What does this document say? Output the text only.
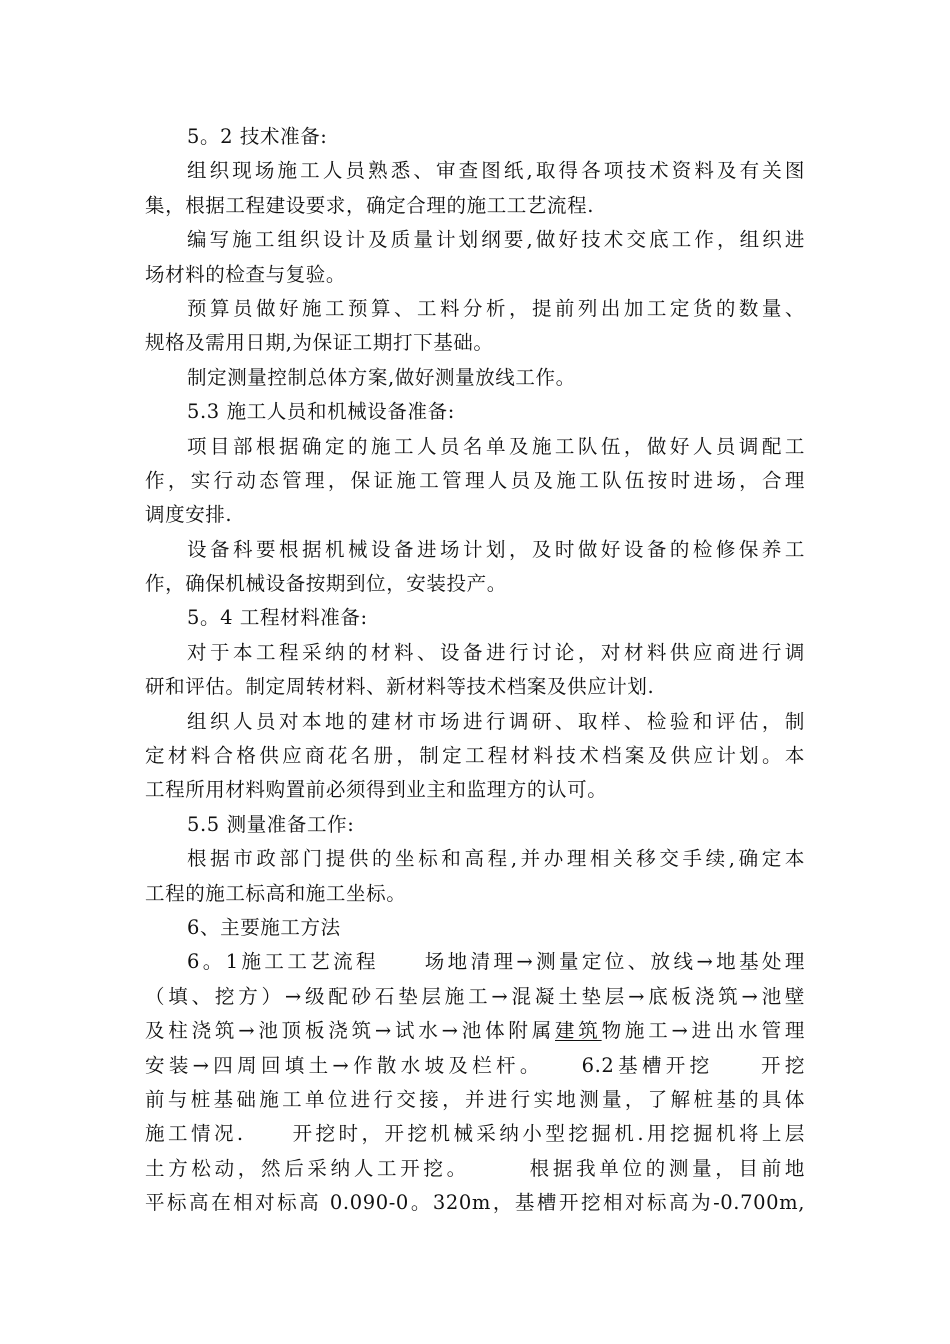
5。2 技术准备:
组织现场施工人员熟悉、审查图纸,取得各项技术资料及有关图
集，根据工程建设要求，确定合理的施工工艺流程.
编写施工组织设计及质量计划纲要,做好技术交底工作，组织进
场材料的检查与复验。
预算员做好施工预算、工料分析，提前列出加工定货的数量、
规格及需用日期,为保证工期打下基础。
制定测量控制总体方案,做好测量放线工作。
5.3 施工人员和机械设备准备:
项目部根据确定的施工人员名单及施工队伍，做好人员调配工
作，实行动态管理，保证施工管理人员及施工队伍按时进场，合理
调度安排.
设备科要根据机械设备进场计划，及时做好设备的检修保养工
作，确保机械设备按期到位，安装投产。
5。4 工程材料准备:
对于本工程采纳的材料、设备进行讨论，对材料供应商进行调
研和评估。制定周转材料、新材料等技术档案及供应计划.
组织人员对本地的建材市场进行调研、取样、检验和评估，制
定材料合格供应商花名册，制定工程材料技术档案及供应计划。本
工程所用材料购置前必须得到业主和监理方的认可。
5.5 测量准备工作:
根据市政部门提供的坐标和高程,并办理相关移交手续,确定本
工程的施工标高和施工坐标。
6、主要施工方法
6。1施工工艺流程　　场地清理→测量定位、放线→地基处理
（填、挖方）→级配砂石垫层施工→混凝土垫层→底板浇筑→池壁
及柱浇筑→池顶板浇筑→试水→池体附属建筑物施工→进出水管理
安装→四周回填土→作散水坡及栏杆。　　6.2基槽开挖　　开挖
前与桩基础施工单位进行交接，并进行实地测量，了解桩基的具体
施工情况.　　开挖时，开挖机械采纳小型挖掘机.用挖掘机将上层
土方松动，然后采纳人工开挖。　　　根据我单位的测量，目前地
平标高在相对标高 0.090-0。320m，基槽开挖相对标高为-0.700m,
